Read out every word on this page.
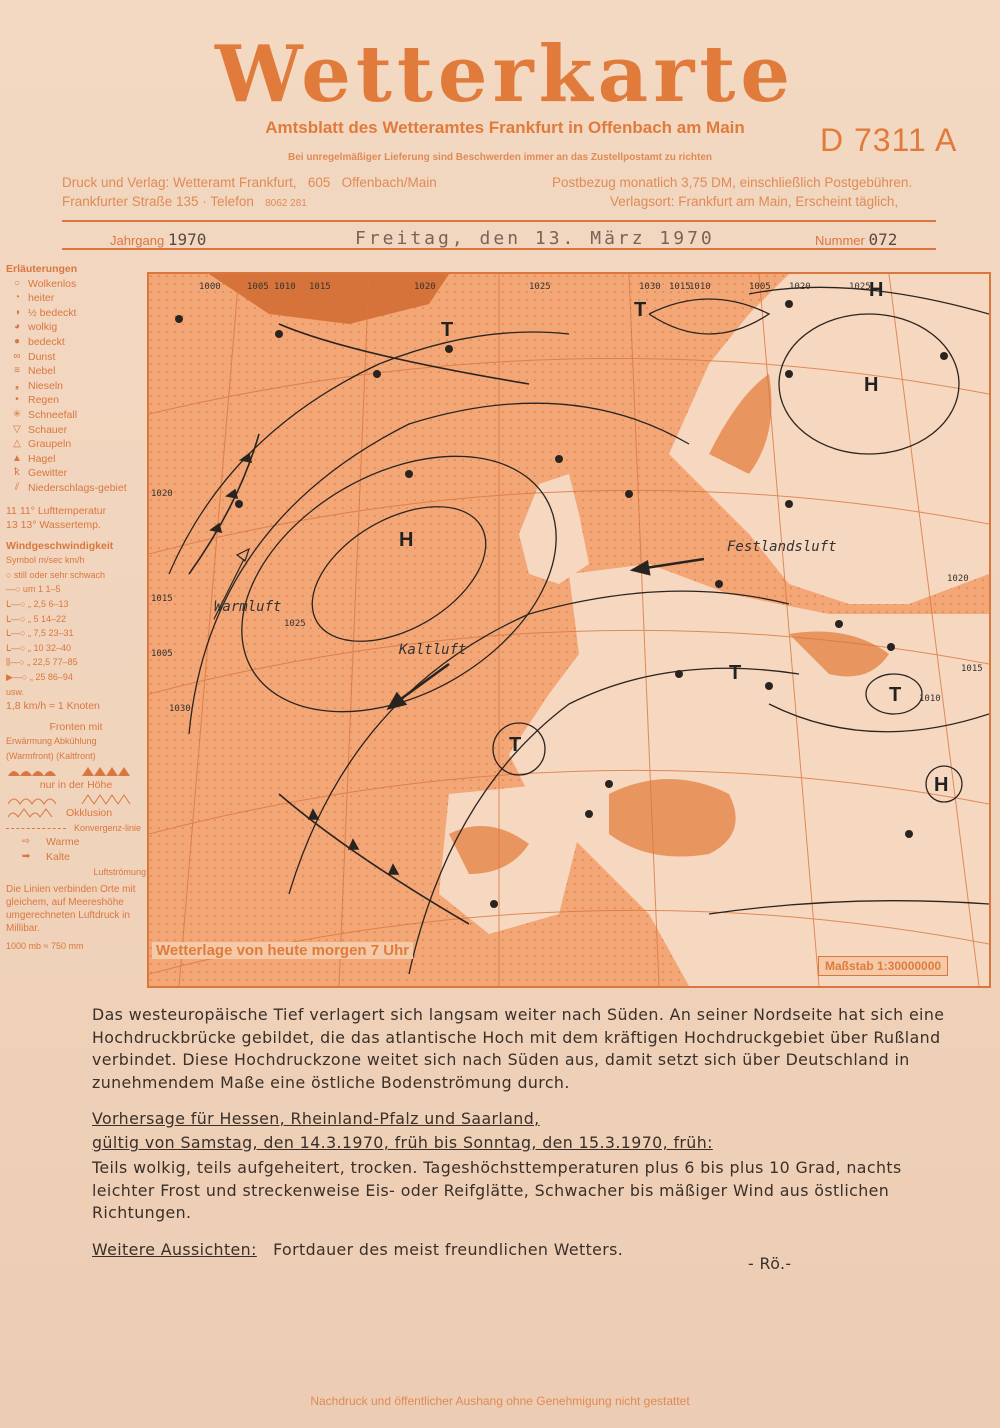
Wetterkarte
Amtsblatt des Wetteramtes Frankfurt in Offenbach am Main	D 7311 A
Bei unregelmäßiger Lieferung sind Beschwerden immer an das Zustellpostamt zu richten
Druck und Verlag: Wetteramt Frankfurt, 605 Offenbach/Main
Frankfurter Straße 135 · Telefon 8062 281
Postbezug monatlich 3,75 DM, einschließlich Postgebühren.
Verlagsort: Frankfurt am Main, Erscheint täglich,
Jahrgang 1970	Freitag, den 13. März 1970	Nummer 072
Erläuterungen
○ Wolkenlos
◔ heiter
◑ ½ bedeckt
◕ wolkig
● bedeckt
∞ Dunst
≡ Nebel
❟ Nieseln
• Regen
✳ Schneefall
▽ Schauer
△ Graupeln
▲ Hagel
ꝁ Gewitter
⫽ Niederschlags-gebiet
11 11° Lufttemperatur
13 13° Wassertemp.
Windgeschwindigkeit
Symbol m/sec km/h
○ still oder sehr schwach
—○ um 1 1–5
ᒪ—○ „ 2,5 6–13
ᒪ—○ „ 5 14–22
ᒪ—○ „ 7,5 23–31
ᒪ—○ „ 10 32–40
⫼—○ „ 22,5 77–85
▶—○ „ 25 86–94
usw.
1,8 km/h ≈ 1 Knoten
Fronten mit
Erwärmung Abkühlung
(Warmfront) (Kaltfront)
nur in der Höhe
Okklusion
Konvergenz-linie
⇨	Warme
➡	Kalte
Luftströmung
Die Linien verbinden Orte mit gleichem, auf Meereshöhe umgerechneten Luftdruck in Millibar.
1000 mb ≈ 750 mm
H
H
H
H
T
T
T
T
T
1000	1005 1010 1015	1020	1025	1030 1015
1010	1005 1020	1025
1020
1015
1005
1030
1025
1020
1015
1010
Warmluft
Kaltluft
Festlandsluft
Wetterlage von heute morgen 7 Uhr
Maßstab 1:30000000
Das westeuropäische Tief verlagert sich langsam weiter nach Süden. An seiner Nordseite hat sich eine Hochdruckbrücke gebildet, die das atlantische Hoch mit dem kräftigen Hochdruckgebiet über Rußland verbindet. Diese Hochdruckzone weitet sich nach Süden aus, damit setzt sich über Deutschland in zunehmendem Maße eine östliche Bodenströmung durch.
Vorhersage für Hessen, Rheinland-Pfalz und Saarland,
gültig von Samstag, den 14.3.1970, früh bis Sonntag, den 15.3.1970, früh:
Teils wolkig, teils aufgeheitert, trocken. Tageshöchsttemperaturen plus 6 bis plus 10 Grad, nachts leichter Frost und streckenweise Eis- oder Reifglätte, Schwacher bis mäßiger Wind aus östlichen Richtungen.
Weitere Aussichten: Fortdauer des meist freundlichen Wetters.
- Rö.-
Nachdruck und öffentlicher Aushang ohne Genehmigung nicht gestattet
